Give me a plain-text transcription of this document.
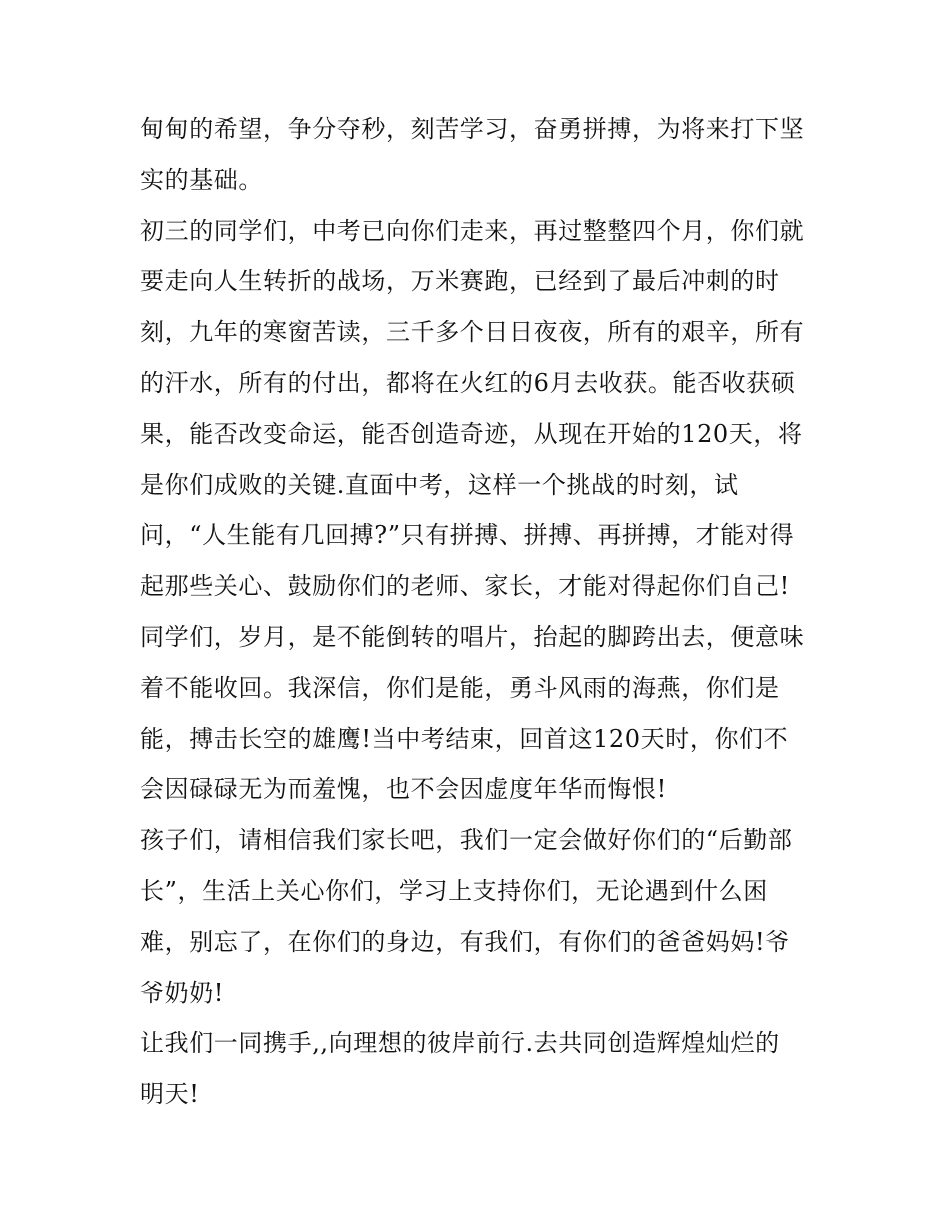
甸甸的希望，争分夺秒，刻苦学习，奋勇拼搏，为将来打下坚
实的基础。
初三的同学们，中考已向你们走来，再过整整四个月，你们就
要走向人生转折的战场，万米赛跑，已经到了最后冲刺的时
刻，九年的寒窗苦读，三千多个日日夜夜，所有的艰辛，所有
的汗水，所有的付出，都将在火红的6月去收获。能否收获硕
果，能否改变命运，能否创造奇迹，从现在开始的120天，将
是你们成败的关键.直面中考，这样一个挑战的时刻，试
问，“人生能有几回搏?”只有拼搏、拼搏、再拼搏，才能对得
起那些关心、鼓励你们的老师、家长，才能对得起你们自己!
同学们，岁月，是不能倒转的唱片，抬起的脚跨出去，便意味
着不能收回。我深信，你们是能，勇斗风雨的海燕，你们是
能，搏击长空的雄鹰!当中考结束，回首这120天时，你们不
会因碌碌无为而羞愧，也不会因虚度年华而悔恨!
孩子们，请相信我们家长吧，我们一定会做好你们的“后勤部
长”，生活上关心你们，学习上支持你们，无论遇到什么困
难，别忘了，在你们的身边，有我们，有你们的爸爸妈妈!爷
爷奶奶!
让我们一同携手,,向理想的彼岸前行.去共同创造辉煌灿烂的
明天!
